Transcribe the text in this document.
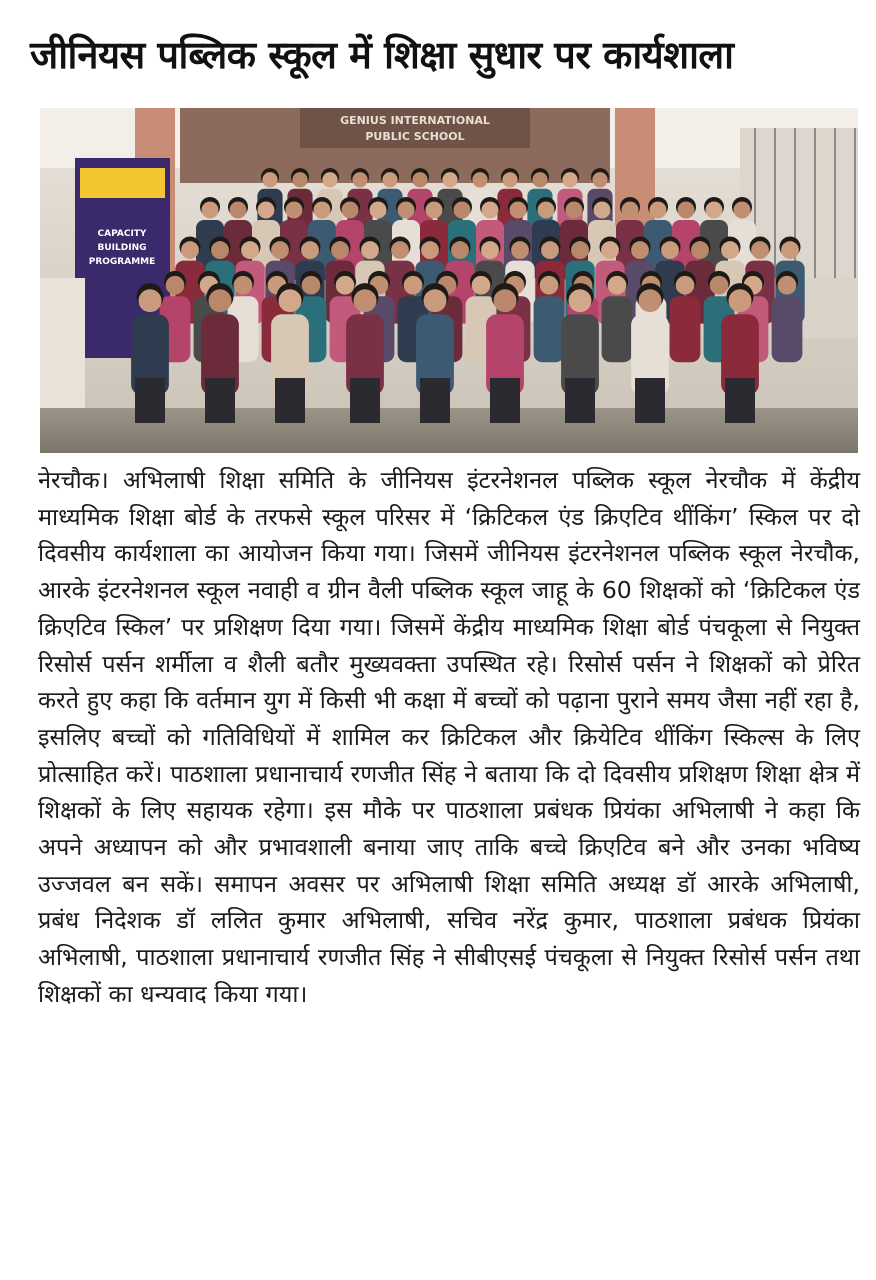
जीनियस पब्लिक स्कूल में शिक्षा सुधार पर कार्यशाला
GENIUS INTERNATIONAL
PUBLIC SCHOOL
CAPACITY
BUILDING
PROGRAMME

नेरचौक। अभिलाषी शिक्षा समिति के जीनियस इंटरनेशनल पब्लिक स्कूल नेरचौक में केंद्रीय माध्यमिक शिक्षा बोर्ड के तरफसे स्कूल परिसर में ‘क्रिटिकल एंड क्रिएटिव थींकिंग’ स्किल पर दो दिवसीय कार्यशाला का आयोजन किया गया। जिसमें जीनियस इंटरनेशनल पब्लिक स्कूल नेरचौक, आरके इंटरनेशनल स्कूल नवाही व ग्रीन वैली पब्लिक स्कूल जाहू के 60 शिक्षकों को ‘क्रिटिकल एंड क्रिएटिव स्किल’ पर प्रशिक्षण दिया गया। जिसमें केंद्रीय माध्यमिक शिक्षा बोर्ड पंचकूला से नियुक्त रिसोर्स पर्सन शर्मीला व शैली बतौर मुख्यवक्ता उपस्थित रहे। रिसोर्स पर्सन ने शिक्षकों को प्रेरित करते हुए कहा कि वर्तमान युग में किसी भी कक्षा में बच्चों को पढ़ाना पुराने समय जैसा नहीं रहा है, इसलिए बच्चों को गतिविधियों में शामिल कर क्रिटिकल और क्रियेटिव थींकिंग स्किल्स के लिए प्रोत्साहित करें। पाठशाला प्रधानाचार्य रणजीत सिंह ने बताया कि दो दिवसीय प्रशिक्षण शिक्षा क्षेत्र में शिक्षकों के लिए सहायक रहेगा। इस मौके पर पाठशाला प्रबंधक प्रियंका अभिलाषी ने कहा कि अपने अध्यापन को और प्रभावशाली बनाया जाए ताकि बच्चे क्रिएटिव बने और उनका भविष्य उज्जवल बन सकें। समापन अवसर पर अभिलाषी शिक्षा समिति अध्यक्ष डॉ आरके अभिलाषी, प्रबंध निदेशक डॉ ललित कुमार अभिलाषी, सचिव नरेंद्र कुमार, पाठशाला प्रबंधक प्रियंका अभिलाषी, पाठशाला प्रधानाचार्य रणजीत सिंह ने सीबीएसई पंचकूला से नियुक्त रिसोर्स पर्सन तथा शिक्षकों का धन्यवाद किया गया।
